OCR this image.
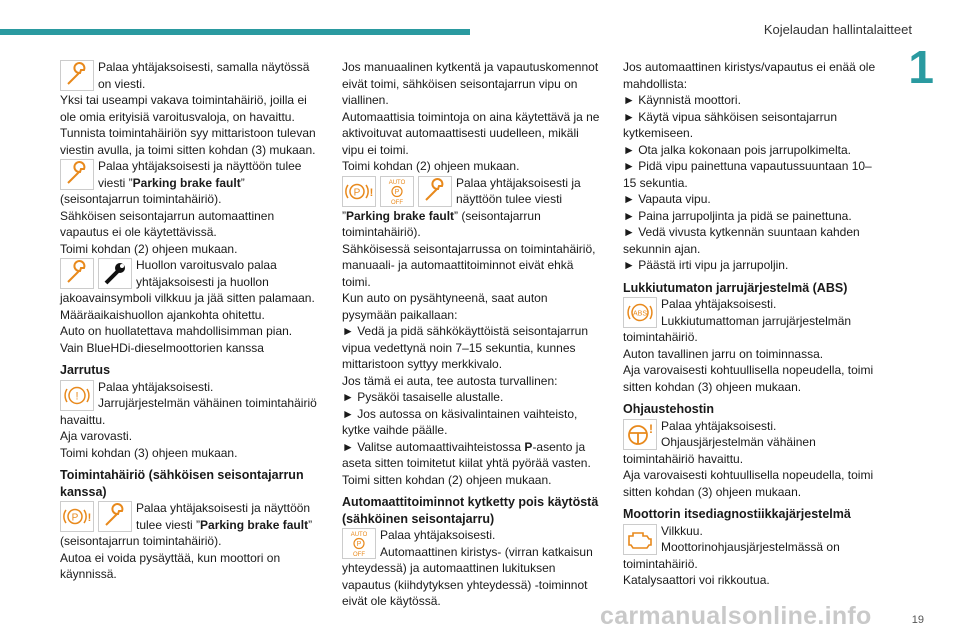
Kojelaudan hallintalaitteet
1

Palaa yhtäjaksoisesti, samalla näytössä on viesti.

Yksi tai useampi vakava toimintahäiriö, joilla ei ole omia erityisiä varoitusvaloja, on havaittu.

Tunnista toimintahäiriön syy mittaristoon tulevan viestin avulla, ja toimi sitten kohdan (3) mukaan.

Palaa yhtäjaksoisesti ja näyttöön tulee viesti ”Parking brake fault” (seisontajarrun toimintahäiriö).

Sähköisen seisontajarrun automaattinen vapautus ei ole käytettävissä.

Toimi kohdan (2) ohjeen mukaan.

Huollon varoitusvalo palaa yhtäjaksoisesti ja huollon jakoavainsymboli vilkkuu ja jää sitten palamaan.

Määräaikaishuollon ajankohta ohitettu.

Auto on huollatettava mahdollisimman pian.

Vain BlueHDi-dieselmoottorien kanssa

Jarrutus
!

Palaa yhtäjaksoisesti.

Jarrujärjestelmän vähäinen toimintahäiriö havaittu.

Aja varovasti.

Toimi kohdan (3) ohjeen mukaan.

Toimintahäiriö (sähköisen seisontajarrun kanssa)
P !

Palaa yhtäjaksoisesti ja näyttöön tulee viesti ”Parking brake fault” (seisontajarrun toimintahäiriö).

Autoa ei voida pysäyttää, kun moottori on käynnissä.

Jos manuaalinen kytkentä ja vapautuskomennot eivät toimi, sähköisen seisontajarrun vipu on viallinen.

Automaattisia toimintoja on aina käytettävä ja ne aktivoituvat automaattisesti uudelleen, mikäli vipu ei toimi.

Toimi kohdan (2) ohjeen mukaan.

P !
AUTO
P
OFF

Palaa yhtäjaksoisesti ja näyttöön tulee viesti ”Parking brake fault” (seisontajarrun toimintahäiriö).

Sähköisessä seisontajarrussa on toimintahäiriö, manuaali- ja automaattitoiminnot eivät ehkä toimi.

Kun auto on pysähtyneenä, saat auton pysymään paikallaan:

► Vedä ja pidä sähkökäyttöistä seisontajarrun vipua vedettynä noin 7–15 sekuntia, kunnes mittaristoon syttyy merkkivalo.

Jos tämä ei auta, tee autosta turvallinen:

► Pysäköi tasaiselle alustalle.

► Jos autossa on käsivalintainen vaihteisto, kytke vaihde päälle.

► Valitse automaattivaihteistossa P-asento ja aseta sitten toimitetut kiilat yhtä pyörää vasten.

Toimi sitten kohdan (2) ohjeen mukaan.

Automaattitoiminnot kytketty pois käytöstä (sähköinen seisontajarru)
AUTO
P
OFF

Palaa yhtäjaksoisesti.

Automaattinen kiristys- (virran katkaisun yhteydessä) ja automaattinen lukituksen vapautus (kiihdytyksen yhteydessä) -toiminnot eivät ole käytössä.

Jos automaattinen kiristys/vapautus ei enää ole mahdollista:

► Käynnistä moottori.

► Käytä vipua sähköisen seisontajarrun kytkemiseen.

► Ota jalka kokonaan pois jarrupolkimelta.

► Pidä vipu painettuna vapautussuuntaan 10–15 sekuntia.

► Vapauta vipu.

► Paina jarrupoljinta ja pidä se painettuna.

► Vedä vivusta kytkennän suuntaan kahden sekunnin ajan.

► Päästä irti vipu ja jarrupoljin.

Lukkiutumaton jarrujärjestelmä (ABS)
ABS

Palaa yhtäjaksoisesti.

Lukkiutumattoman jarrujärjestelmän toimintahäiriö.

Auton tavallinen jarru on toiminnassa.

Aja varovaisesti kohtuullisella nopeudella, toimi sitten kohdan (3) ohjeen mukaan.

Ohjaustehostin
! Palaa yhtäjaksoisesti.

Ohjausjärjestelmän vähäinen toimintahäiriö havaittu.

Aja varovaisesti kohtuullisella nopeudella, toimi sitten kohdan (3) ohjeen mukaan.

Moottorin itsediagnostiikkajärjestelmä

Vilkkuu.

Moottorinohjausjärjestelmässä on toimintahäiriö.

Katalysaattori voi rikkoutua.

carmanualsonline.info	19
